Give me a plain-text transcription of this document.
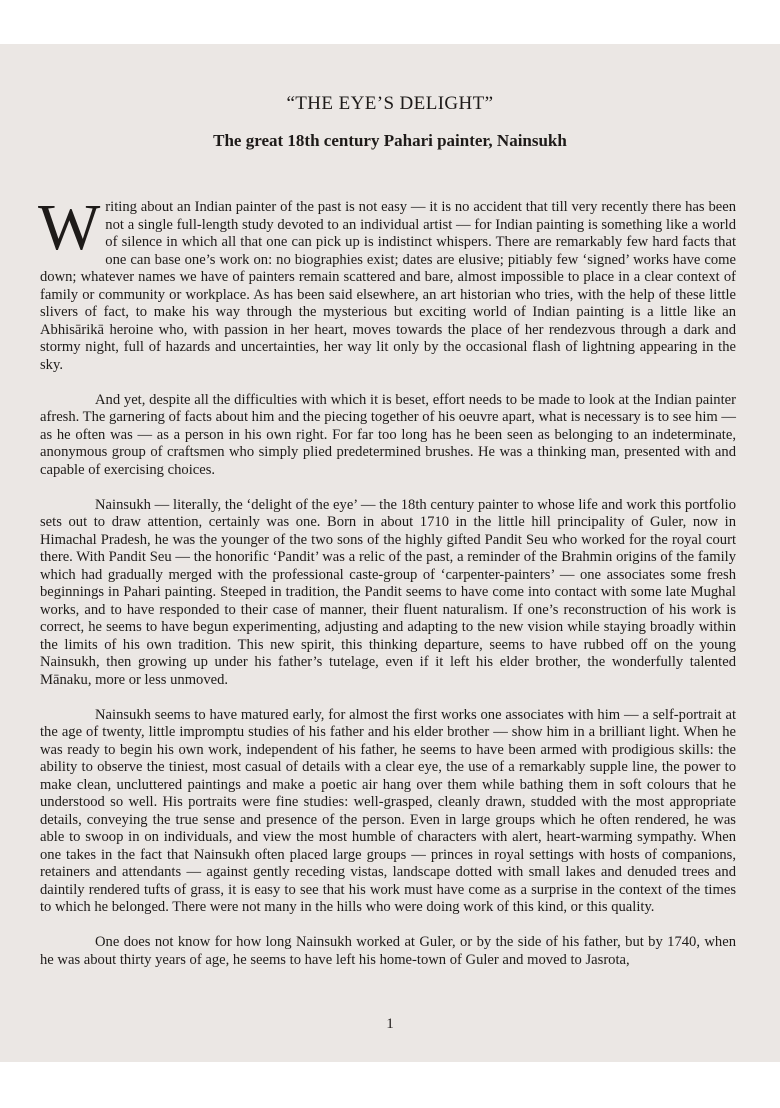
“THE EYE’S DELIGHT”
The great 18th century Pahari painter, Nainsukh

Writing about an Indian painter of the past is not easy — it is no accident that till very recently there has been not a single full-length study devoted to an individual artist — for Indian painting is something like a world of silence in which all that one can pick up is indistinct whispers. There are remarkably few hard facts that one can base one’s work on: no biographies exist; dates are elusive; pitiably few ‘signed’ works have come down; whatever names we have of painters remain scattered and bare, almost impossible to place in a clear context of family or community or workplace. As has been said elsewhere, an art historian who tries, with the help of these little slivers of fact, to make his way through the mysterious but exciting world of Indian painting is a little like an Abhisārikā heroine who, with passion in her heart, moves towards the place of her rendezvous through a dark and stormy night, full of hazards and uncertainties, her way lit only by the occasional flash of lightning appearing in the sky.

And yet, despite all the difficulties with which it is beset, effort needs to be made to look at the Indian painter afresh. The garnering of facts about him and the piecing together of his oeuvre apart, what is necessary is to see him — as he often was — as a person in his own right. For far too long has he been seen as belonging to an indeterminate, anonymous group of craftsmen who simply plied predetermined brushes. He was a thinking man, presented with and capable of exercising choices.

Nainsukh — literally, the ‘delight of the eye’ — the 18th century painter to whose life and work this portfolio sets out to draw attention, certainly was one. Born in about 1710 in the little hill principality of Guler, now in Himachal Pradesh, he was the younger of the two sons of the highly gifted Pandit Seu who worked for the royal court there. With Pandit Seu — the honorific ‘Pandit’ was a relic of the past, a reminder of the Brahmin origins of the family which had gradually merged with the professional caste-group of ‘carpenter-painters’ — one associates some fresh beginnings in Pahari painting. Steeped in tradition, the Pandit seems to have come into contact with some late Mughal works, and to have responded to their case of manner, their fluent naturalism. If one’s reconstruction of his work is correct, he seems to have begun experimenting, adjusting and adapting to the new vision while staying broadly within the limits of his own tradition. This new spirit, this thinking departure, seems to have rubbed off on the young Nainsukh, then growing up under his father’s tutelage, even if it left his elder brother, the wonderfully talented Mānaku, more or less unmoved.

Nainsukh seems to have matured early, for almost the first works one associates with him — a self-portrait at the age of twenty, little impromptu studies of his father and his elder brother — show him in a brilliant light. When he was ready to begin his own work, independent of his father, he seems to have been armed with prodigious skills: the ability to observe the tiniest, most casual of details with a clear eye, the use of a remarkably supple line, the power to make clean, uncluttered paintings and make a poetic air hang over them while bathing them in soft colours that he understood so well. His portraits were fine studies: well-grasped, cleanly drawn, studded with the most appropriate details, conveying the true sense and presence of the person. Even in large groups which he often rendered, he was able to swoop in on individuals, and view the most humble of characters with alert, heart-warming sympathy. When one takes in the fact that Nainsukh often placed large groups — princes in royal settings with hosts of companions, retainers and attendants — against gently receding vistas, landscape dotted with small lakes and denuded trees and daintily rendered tufts of grass, it is easy to see that his work must have come as a surprise in the context of the times to which he belonged. There were not many in the hills who were doing work of this kind, or this quality.

One does not know for how long Nainsukh worked at Guler, or by the side of his father, but by 1740, when he was about thirty years of age, he seems to have left his home-town of Guler and moved to Jasrota,

1
